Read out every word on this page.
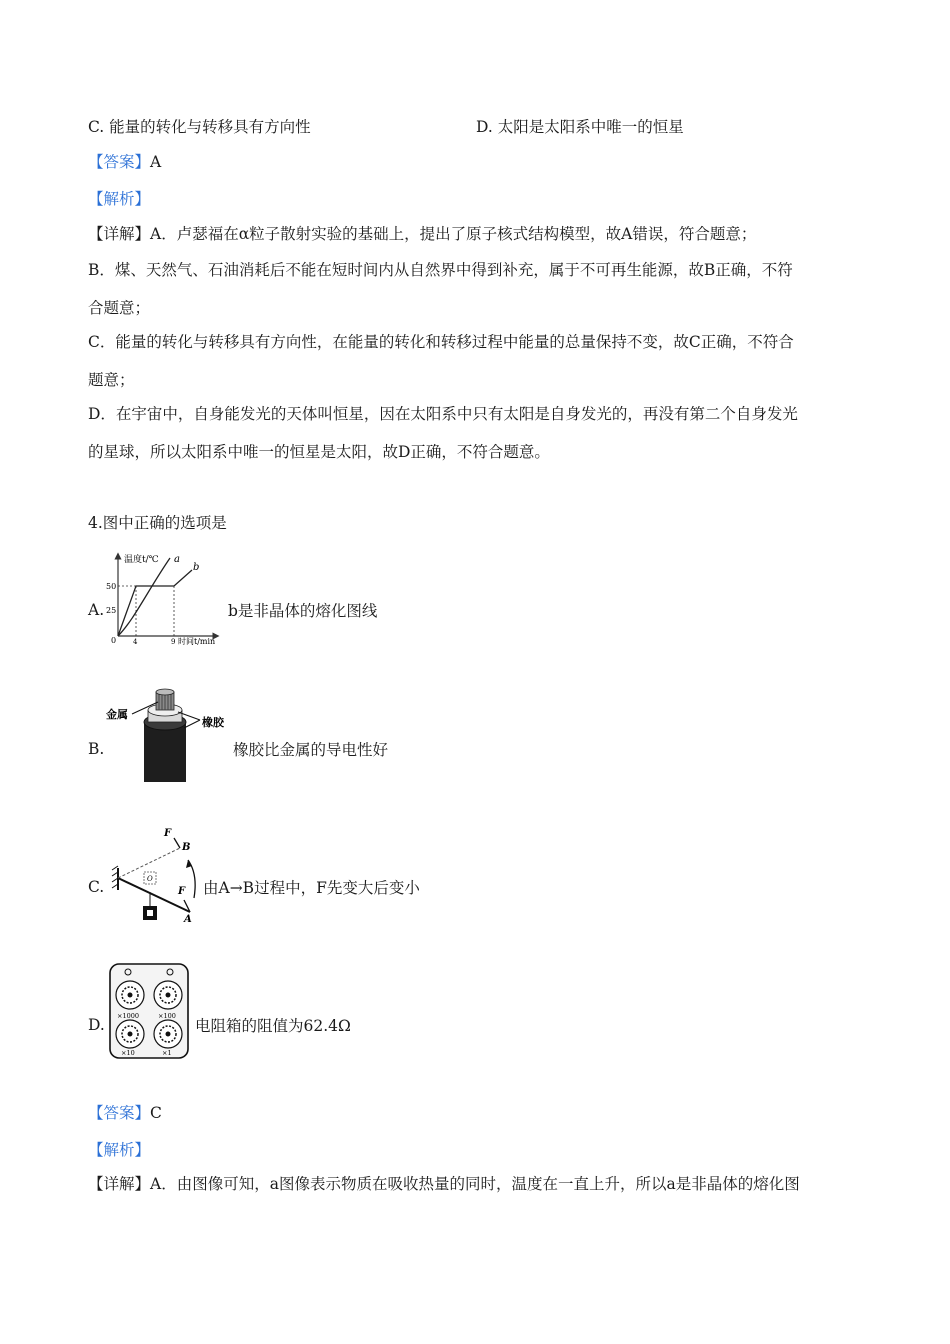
C. 能量的转化与转移具有方向性	D. 太阳是太阳系中唯一的恒星
【答案】A
【解析】
【详解】A．卢瑟福在α粒子散射实验的基础上，提出了原子核式结构模型，故A错误，符合题意；
B．煤、天然气、石油消耗后不能在短时间内从自然界中得到补充，属于不可再生能源，故B正确，不符
合题意；
C．能量的转化与转移具有方向性，在能量的转化和转移过程中能量的总量保持不变，故C正确，不符合
题意；
D．在宇宙中，自身能发光的天体叫恒星，因在太阳系中只有太阳是自身发光的，再没有第二个自身发光
的星球，所以太阳系中唯一的恒星是太阳，故D正确，不符合题意。
4.图中正确的选项是
A.
温度t/℃
时间t/min
50
25
0 4	9
a
b
b是非晶体的熔化图线
B.
金属
橡胶
橡胶比金属的导电性好
C.	O
F
B
F
A
由A→B过程中，F先变大后变小
D. ×1000	×100
×10	×1
电阻箱的阻值为62.4Ω
【答案】C
【解析】
【详解】A．由图像可知，a图像表示物质在吸收热量的同时，温度在一直上升，所以a是非晶体的熔化图
